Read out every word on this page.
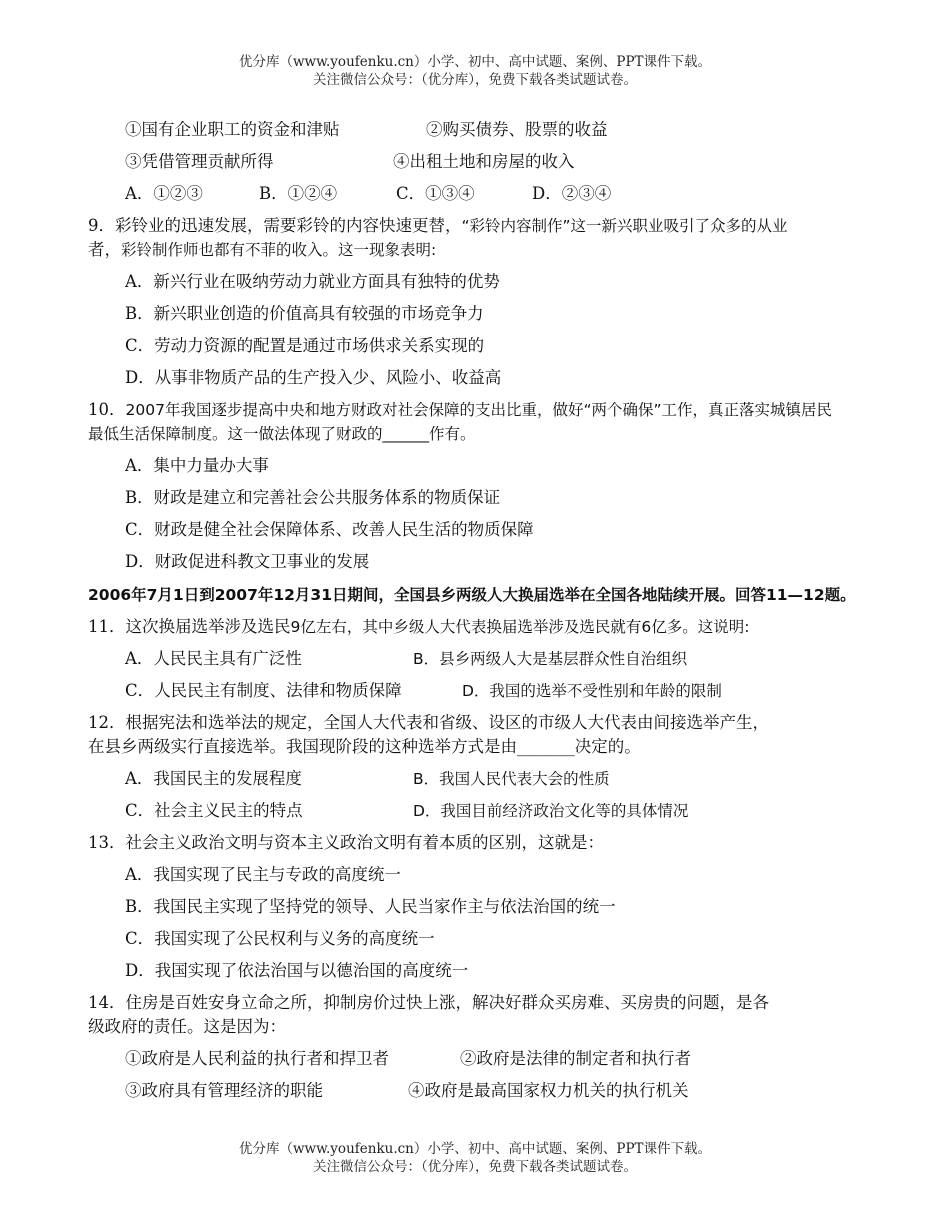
优分库（www.youfenku.cn）小学、初中、高中试题、案例、PPT课件下载。
关注微信公众号：（优分库），免费下载各类试题试卷。
①国有企业职工的资金和津贴	②购买债券、股票的收益
③凭借管理贡献所得	④出租土地和房屋的收入
A．①②③	B．①②④	C．①③④	D．②③④
9．彩铃业的迅速发展，需要彩铃的内容快速更替，“彩铃内容制作”这一新兴职业吸引了众多的从业
者，彩铃制作师也都有不菲的收入。这一现象表明:
A．新兴行业在吸纳劳动力就业方面具有独特的优势
B．新兴职业创造的价值高具有较强的市场竞争力
C．劳动力资源的配置是通过市场供求关系实现的
D．从事非物质产品的生产投入少、风险小、收益高
10．2007年我国逐步提高中央和地方财政对社会保障的支出比重，做好“两个确保”工作，真正落实城镇居民
最低生活保障制度。这一做法体现了财政的______作有。
A．集中力量办大事
B．财政是建立和完善社会公共服务体系的物质保证
C．财政是健全社会保障体系、改善人民生活的物质保障
D．财政促进科教文卫事业的发展
2006年7月1日到2007年12月31日期间，全国县乡两级人大换届选举在全国各地陆续开展。回答11—12题。
11．这次换届选举涉及选民9亿左右，其中乡级人大代表换届选举涉及选民就有6亿多。这说明:
A．人民民主具有广泛性	B．县乡两级人大是基层群众性自治组织
C．人民民主有制度、法律和物质保障	D．我国的选举不受性别和年龄的限制
12．根据宪法和选举法的规定，全国人大代表和省级、设区的市级人大代表由间接选举产生，
在县乡两级实行直接选举。我国现阶段的这种选举方式是由_______决定的。
A．我国民主的发展程度	B．我国人民代表大会的性质
C．社会主义民主的特点	D．我国目前经济政治文化等的具体情况
13．社会主义政治文明与资本主义政治文明有着本质的区别，这就是：
A．我国实现了民主与专政的高度统一
B．我国民主实现了坚持党的领导、人民当家作主与依法治国的统一
C．我国实现了公民权利与义务的高度统一
D．我国实现了依法治国与以德治国的高度统一
14．住房是百姓安身立命之所，抑制房价过快上涨，解决好群众买房难、买房贵的问题，是各
级政府的责任。这是因为：
①政府是人民利益的执行者和捍卫者	②政府是法律的制定者和执行者
③政府具有管理经济的职能	④政府是最高国家权力机关的执行机关
优分库（www.youfenku.cn）小学、初中、高中试题、案例、PPT课件下载。
关注微信公众号：（优分库），免费下载各类试题试卷。
